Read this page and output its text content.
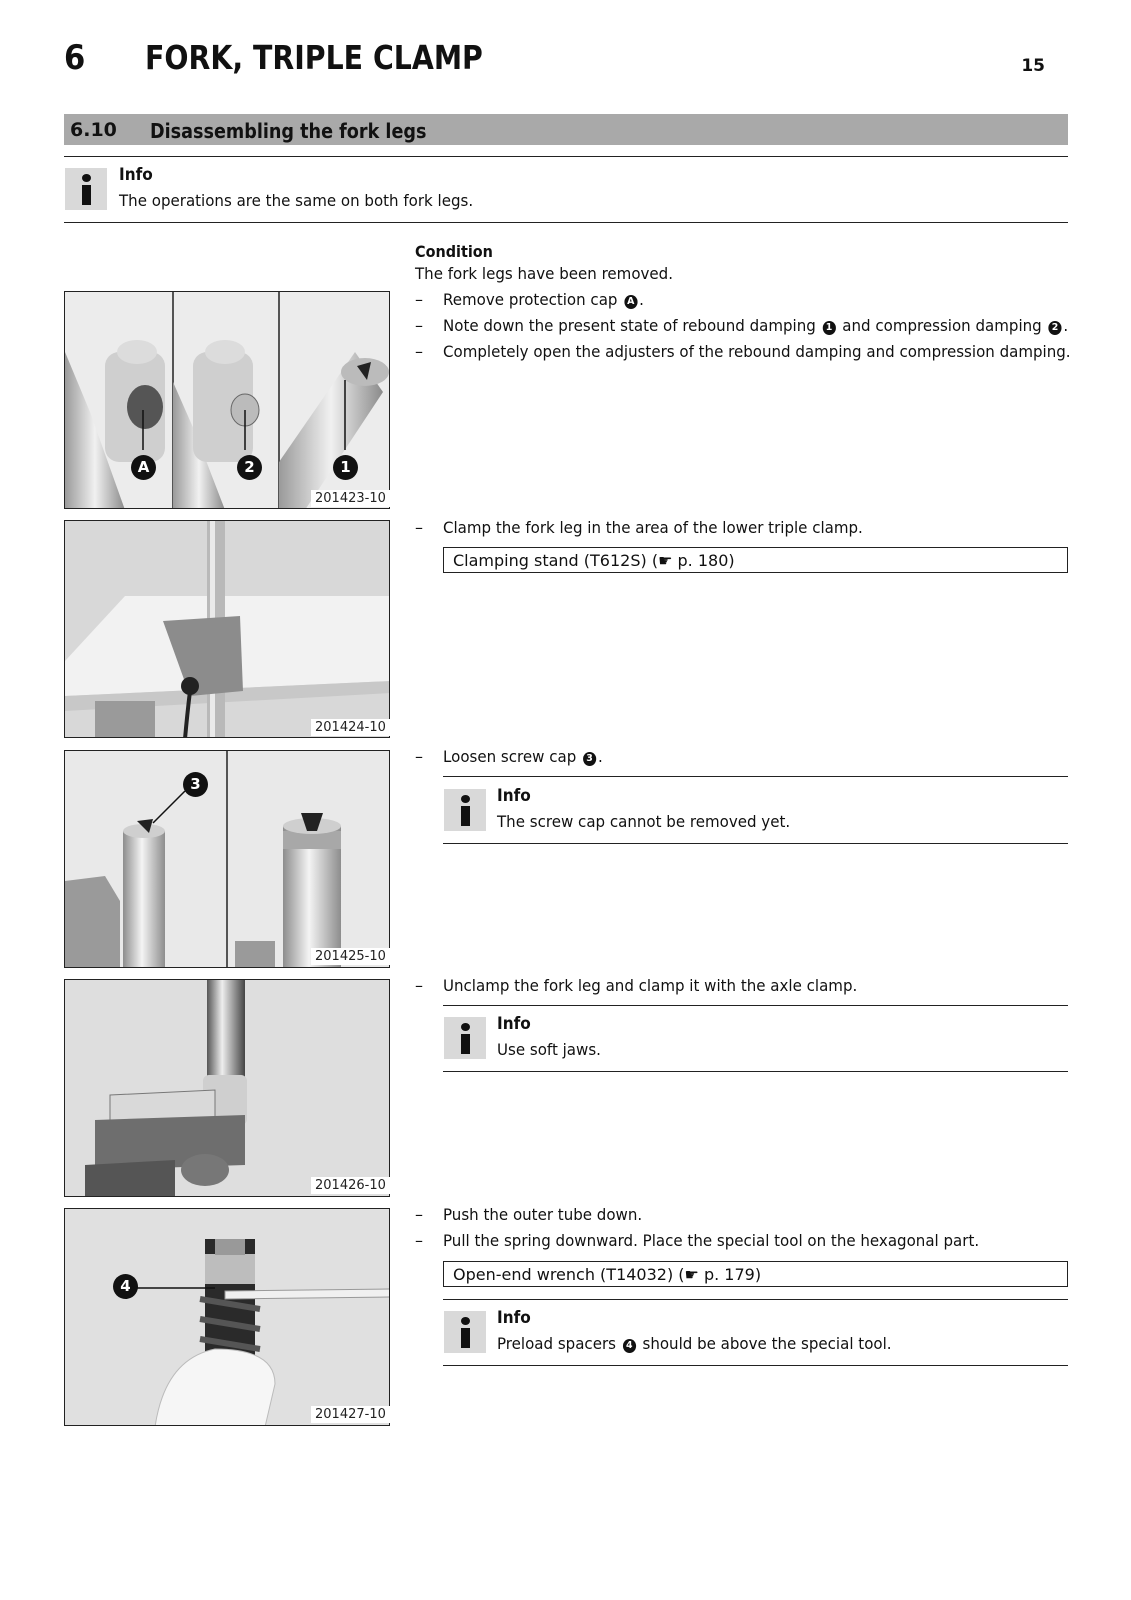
6 FORK, TRIPLE CLAMP	15
6.10 Disassembling the fork legs
Info
The operations are the same on both fork legs.
Condition
The fork legs have been removed.
– Remove protection cap A .
– Note down the present state of rebound damping 1 and compression damping 2 .
– Completely open the adjusters of the rebound damping and compression damping.
A	2	1
201423-10
– Clamp the fork leg in the area of the lower triple clamp.
Clamping stand (T612S) (☛ p. 180)
201424-10
– Loosen screw cap 3 .
Info
The screw cap cannot be removed yet.
3
201425-10
– Unclamp the fork leg and clamp it with the axle clamp.
Info
Use soft jaws.
201426-10
– Push the outer tube down.
– Pull the spring downward. Place the special tool on the hexagonal part.
Open-end wrench (T14032) (☛ p. 179)
Info
Preload spacers 4 should be above the special tool.
4
201427-10
